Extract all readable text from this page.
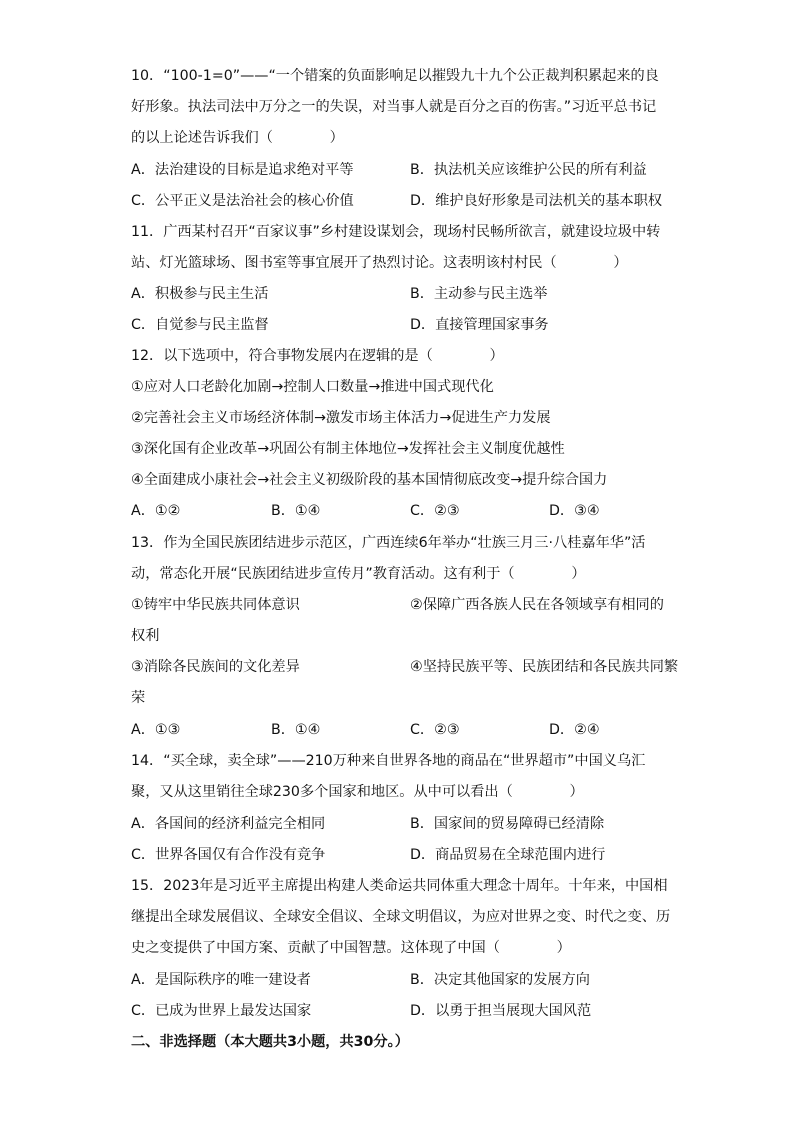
10．“100-1=0”——“一个错案的负面影响足以摧毁九十九个公正裁判积累起来的良
好形象。执法司法中万分之一的失误，对当事人就是百分之百的伤害。”习近平总书记
的以上论述告诉我们（　　　　）
A．法治建设的目标是追求绝对平等	B．执法机关应该维护公民的所有利益
C．公平正义是法治社会的核心价值	D．维护良好形象是司法机关的基本职权
11．广西某村召开“百家议事”乡村建设谋划会，现场村民畅所欲言，就建设垃圾中转
站、灯光篮球场、图书室等事宜展开了热烈讨论。这表明该村村民（　　　　）
A．积极参与民主生活	B．主动参与民主选举
C．自觉参与民主监督	D．直接管理国家事务
12．以下选项中，符合事物发展内在逻辑的是（　　　　）
①应对人口老龄化加剧→控制人口数量→推进中国式现代化
②完善社会主义市场经济体制→激发市场主体活力→促进生产力发展
③深化国有企业改革→巩固公有制主体地位→发挥社会主义制度优越性
④全面建成小康社会→社会主义初级阶段的基本国情彻底改变→提升综合国力
A．①②	B．①④	C．②③	D．③④
13．作为全国民族团结进步示范区，广西连续6年举办“壮族三月三·八桂嘉年华”活
动，常态化开展“民族团结进步宣传月”教育活动。这有利于（　　　　）
①铸牢中华民族共同体意识	②保障广西各族人民在各领域享有相同的
权利
③消除各民族间的文化差异	④坚持民族平等、民族团结和各民族共同繁
荣
A．①③	B．①④	C．②③	D．②④
14．“买全球，卖全球”——210万种来自世界各地的商品在“世界超市”中国义乌汇
聚，又从这里销往全球230多个国家和地区。从中可以看出（　　　　）
A．各国间的经济利益完全相同	B．国家间的贸易障碍已经清除
C．世界各国仅有合作没有竞争	D．商品贸易在全球范围内进行
15．2023年是习近平主席提出构建人类命运共同体重大理念十周年。十年来，中国相
继提出全球发展倡议、全球安全倡议、全球文明倡议，为应对世界之变、时代之变、历
史之变提供了中国方案、贡献了中国智慧。这体现了中国（　　　　）
A．是国际秩序的唯一建设者	B．决定其他国家的发展方向
C．已成为世界上最发达国家	D．以勇于担当展现大国风范
二、非选择题（本大题共3小题，共30分。）
